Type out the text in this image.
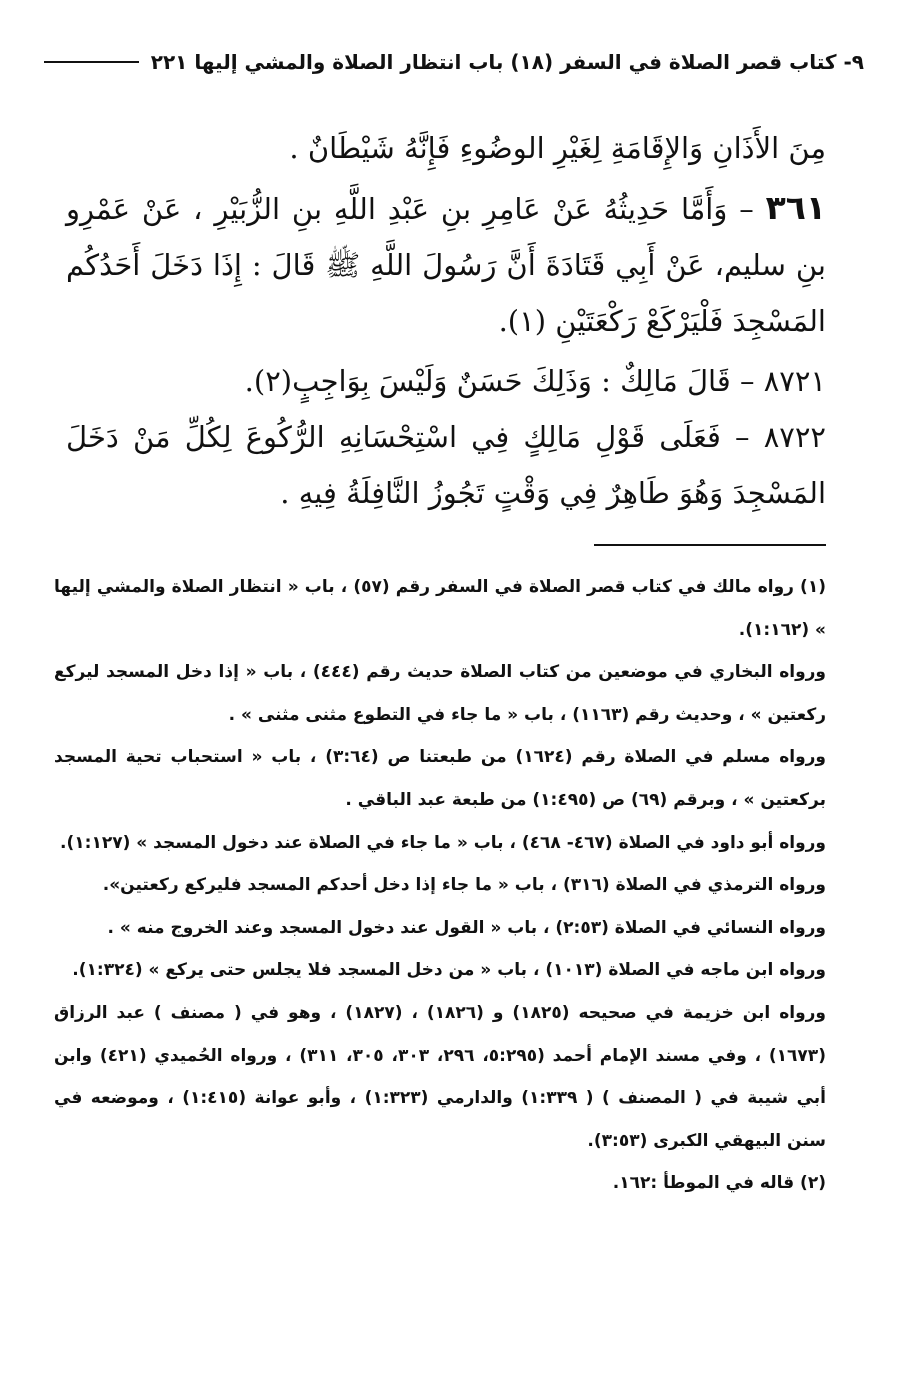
٩- كتاب قصر الصلاة في السفر (١٨) باب انتظار الصلاة والمشي إليها ٢٢١

مِنَ الأَذَانِ وَالإِقَامَةِ لِغَيْرِ الوضُوءِ فَإِنَّهُ شَيْطَانٌ .

٣٦١ – وَأَمَّا حَدِيثُهُ عَنْ عَامِرِ بنِ عَبْدِ اللَّهِ بنِ الزُّبَيْرِ ، عَنْ عَمْرِو بنِ سليم، عَنْ أَبِي قَتَادَةَ أَنَّ رَسُولَ اللَّهِ ﷺ قَالَ : إِذَا دَخَلَ أَحَدُكُم المَسْجِدَ فَلْيَرْكَعْ رَكْعَتَيْنِ (١).

٨٧٢١ – قَالَ مَالِكٌ : وَذَلِكَ حَسَنٌ وَلَيْسَ بِوَاجِبٍ(٢).

٨٧٢٢ – فَعَلَى قَوْلِ مَالِكٍ فِي اسْتِحْسَانِهِ الرُّكُوعَ لِكُلِّ مَنْ دَخَلَ المَسْجِدَ وَهُوَ طَاهِرٌ فِي وَقْتٍ تَجُوزُ النَّافِلَةُ فِيهِ .

(١) رواه مالك في كتاب قصر الصلاة في السفر رقم (٥٧) ، باب « انتظار الصلاة والمشي إليها » (١:١٦٢).

ورواه البخاري في موضعين من كتاب الصلاة حديث رقم (٤٤٤) ، باب « إذا دخل المسجد ليركع ركعتين » ، وحديث رقم (١١٦٣) ، باب « ما جاء في التطوع مثنى مثنى » .

ورواه مسلم في الصلاة رقم (١٦٢٤) من طبعتنا ص (٣:٦٤) ، باب « استحباب تحية المسجد بركعتين » ، وبرقم (٦٩) ص (١:٤٩٥) من طبعة عبد الباقي .

ورواه أبو داود في الصلاة (٤٦٧- ٤٦٨) ، باب « ما جاء في الصلاة عند دخول المسجد » (١:١٢٧).

ورواه الترمذي في الصلاة (٣١٦) ، باب « ما جاء إذا دخل أحدكم المسجد فليركع ركعتين».

ورواه النسائي في الصلاة (٢:٥٣) ، باب « القول عند دخول المسجد وعند الخروج منه » .

ورواه ابن ماجه في الصلاة (١٠١٣) ، باب « من دخل المسجد فلا يجلس حتى يركع » (١:٣٢٤).

ورواه ابن خزيمة في صحيحه (١٨٢٥) و (١٨٢٦) ، (١٨٢٧) ، وهو في ( مصنف ) عبد الرزاق (١٦٧٣) ، وفي مسند الإمام أحمد (٥:٢٩٥، ٢٩٦، ٣٠٣، ٣٠٥، ٣١١) ، ورواه الحُميدي (٤٢١) وابن أبي شيبة في ( المصنف ) ( ١:٣٣٩) والدارمي (١:٣٢٣) ، وأبو عوانة (١:٤١٥) ، وموضعه في سنن البيهقي الكبرى (٣:٥٣).

(٢) قاله في الموطأ :١٦٢.
